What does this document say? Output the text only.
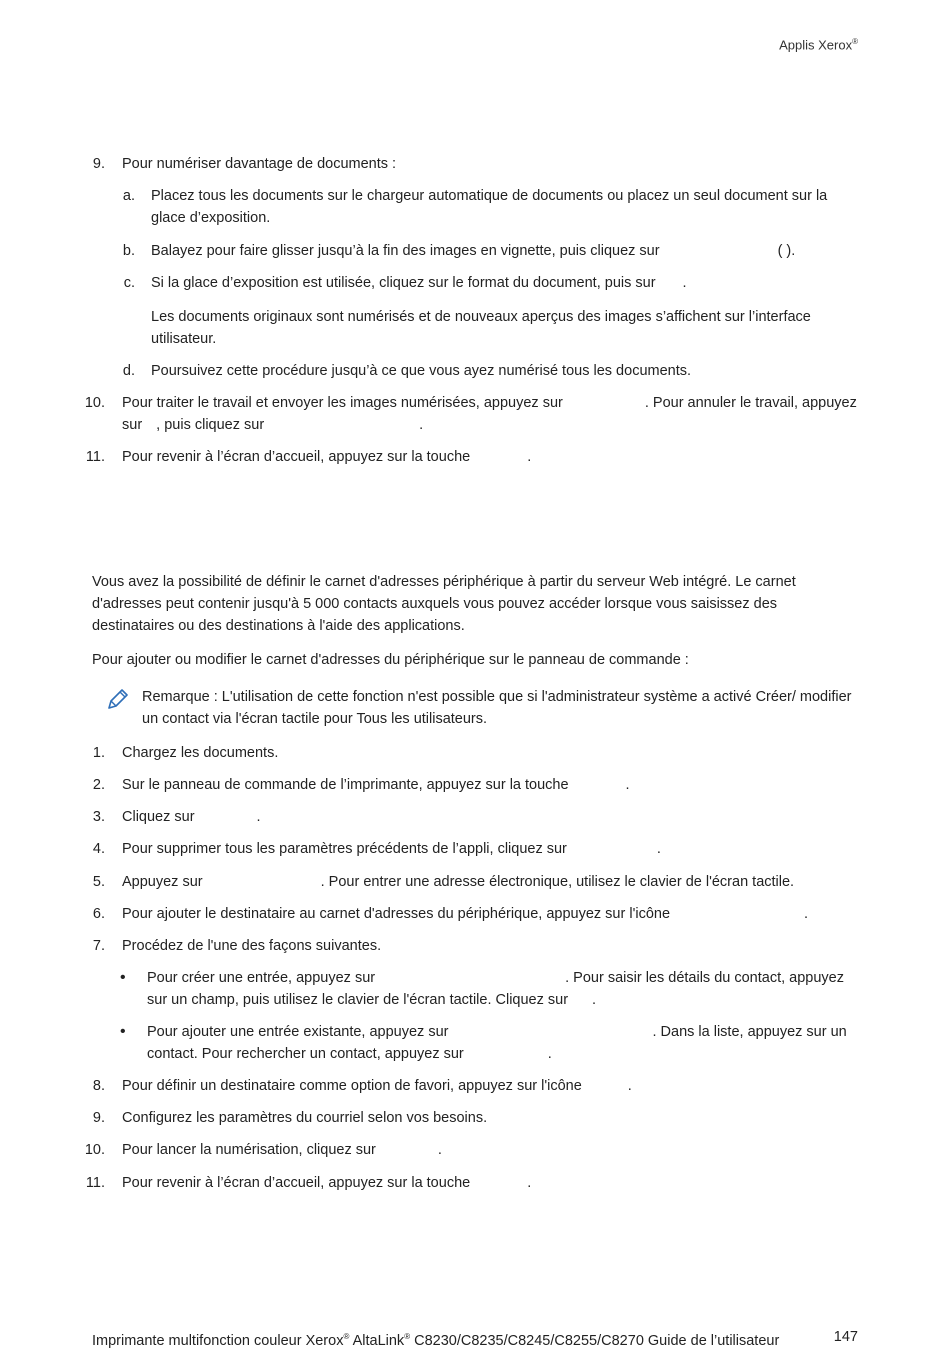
Applis Xerox®
9. Pour numériser davantage de documents :
a. Placez tous les documents sur le chargeur automatique de documents ou placez un seul document sur la glace d’exposition.
b. Balayez pour faire glisser jusqu’à la fin des images en vignette, puis cliquez sur	( ).
c. Si la glace d’exposition est utilisée, cliquez sur le format du document, puis sur .
Les documents originaux sont numérisés et de nouveaux aperçus des images s’affichent sur l’interface utilisateur.
d. Poursuivez cette procédure jusqu’à ce que vous ayez numérisé tous les documents.
10. Pour traiter le travail et envoyer les images numérisées, appuyez sur	. Pour annuler le travail, appuyez sur , puis cliquez sur	.
11. Pour revenir à l’écran d’accueil, appuyez sur la touche	.
Vous avez la possibilité de définir le carnet d'adresses périphérique à partir du serveur Web intégré. Le carnet d'adresses peut contenir jusqu'à 5 000 contacts auxquels vous pouvez accéder lorsque vous saisissez des destinataires ou des destinations à l'aide des applications.
Pour ajouter ou modifier le carnet d'adresses du périphérique sur le panneau de commande :
Remarque : L'utilisation de cette fonction n'est possible que si l'administrateur système a activé Créer/ modifier un contact via l'écran tactile pour Tous les utilisateurs.
1. Chargez les documents.
2. Sur le panneau de commande de l’imprimante, appuyez sur la touche	.
3. Cliquez sur	.
4. Pour supprimer tous les paramètres précédents de l’appli, cliquez sur	.
5. Appuyez sur	. Pour entrer une adresse électronique, utilisez le clavier de l'écran tactile.
6. Pour ajouter le destinataire au carnet d'adresses du périphérique, appuyez sur l'icône	.
7. Procédez de l'une des façons suivantes.
•	Pour créer une entrée, appuyez sur	. Pour saisir les détails du contact, appuyez sur un champ, puis utilisez le clavier de l'écran tactile. Cliquez sur .
•	Pour ajouter une entrée existante, appuyez sur	. Dans la liste, appuyez sur un contact. Pour rechercher un contact, appuyez sur	.
8. Pour définir un destinataire comme option de favori, appuyez sur l'icône	.
9. Configurez les paramètres du courriel selon vos besoins.
10. Pour lancer la numérisation, cliquez sur	.
11. Pour revenir à l’écran d’accueil, appuyez sur la touche	.
Imprimante multifonction couleur Xerox® AltaLink® C8230/C8235/C8245/C8255/C8270 Guide de l’utilisateur	147
